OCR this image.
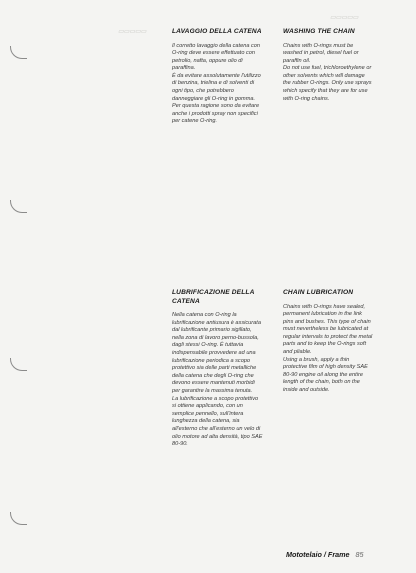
▭▭▭▭▭
▭▭▭▭▭
LAVAGGIO DELLA CATENA

Il corretto lavaggio della catena con
O-ring deve essere effettuato con
petrolio, nafta, oppure olio di
paraffina.
È da evitare assolutamente l'utilizzo
di benzina, trielina e di solventi di
ogni tipo, che potrebbero
danneggiare gli O-ring in gomma.
Per questa ragione sono da evitare
anche i prodotti spray non specifici
per catene O-ring.

WASHING THE CHAIN

Chains with O-rings must be
washed in petrol, diesel fuel or
paraffin oil.
Do not use fuel, trichloroethylene or
other solvents which will damage
the rubber O-rings. Only use sprays
which specify that they are for use
with O-ring chains.

LUBRIFICAZIONE DELLA CATENA

Nella catena con O-ring la
lubrificazione antiusura è assicurata
dal lubrificante primario sigillato,
nella zona di lavoro perno-bussola,
dagli stessi O-ring. È tuttavia
indispensabile provvedere ad una
lubrificazione periodica a scopo
protettivo sia delle parti metalliche
della catena che degli O-ring che
devono essere mantenuti morbidi
per garantire la massima tenuta.
La lubrificazione a scopo protettivo
si ottiene applicando, con un
semplice pennello, sull'intera
lunghezza della catena, sia
all'esterno che all'esterno un velo di
olio motore ad alta densità, tipo SAE
80-90.

CHAIN LUBRICATION

Chains with O-rings have sealed,
permanent lubrication in the link
pins and bushes. This type of chain
must nevertheless be lubricated at
regular intervals to protect the metal
parts and to keep the O-rings soft
and pliable.
Using a brush, apply a thin
protective film of high density SAE
80-90 engine oil along the entire
length of the chain, both on the
inside and outside.

Mototelaio / Frame 85
